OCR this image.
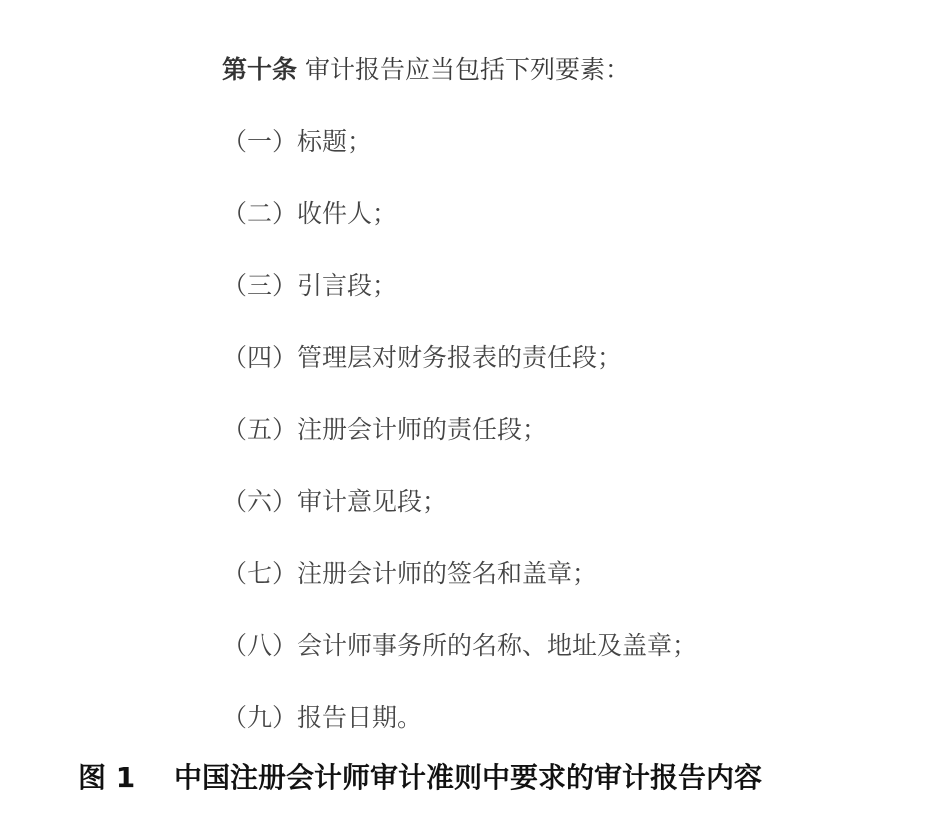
第十条 审计报告应当包括下列要素：
（一）标题；
（二）收件人；
（三）引言段；
（四）管理层对财务报表的责任段；
（五）注册会计师的责任段；
（六）审计意见段；
（七）注册会计师的签名和盖章；
（八）会计师事务所的名称、地址及盖章；
（九）报告日期。
图 1 中国注册会计师审计准则中要求的审计报告内容
